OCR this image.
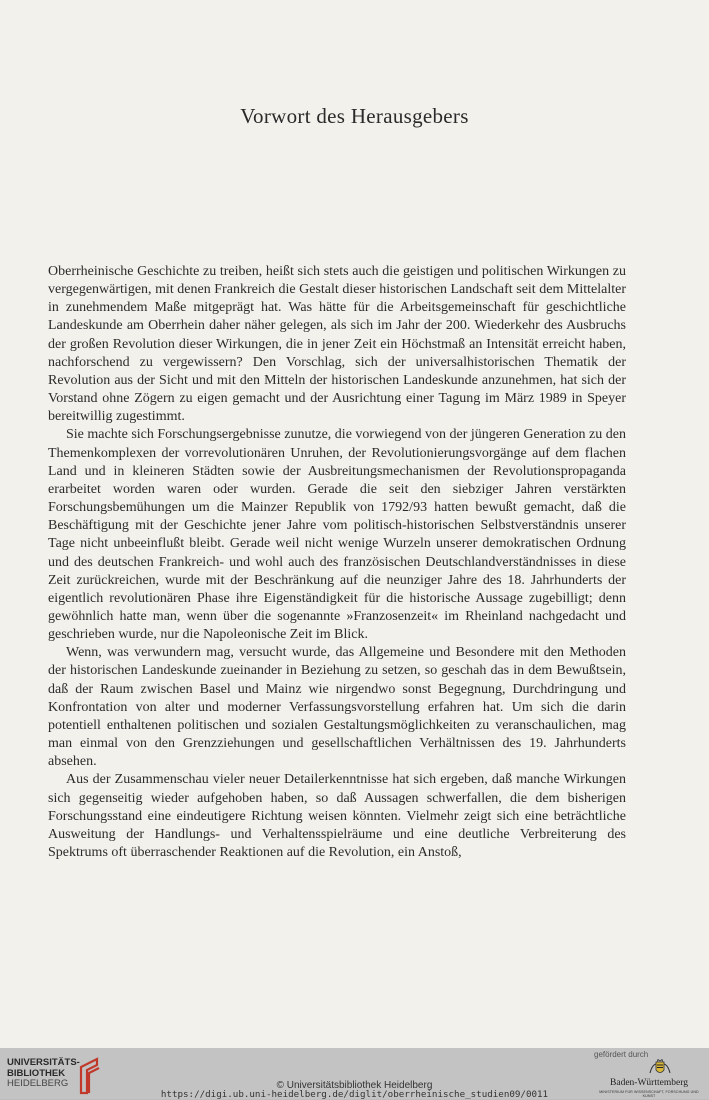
Vorwort des Herausgebers

Oberrheinische Geschichte zu treiben, heißt sich stets auch die geistigen und politischen Wirkungen zu vergegenwärtigen, mit denen Frankreich die Gestalt dieser historischen Landschaft seit dem Mittelalter in zunehmendem Maße mitgeprägt hat. Was hätte für die Arbeitsgemeinschaft für geschichtliche Landeskunde am Oberrhein daher näher gelegen, als sich im Jahr der 200. Wiederkehr des Ausbruchs der großen Revolution dieser Wirkungen, die in jener Zeit ein Höchstmaß an Intensität erreicht haben, nachforschend zu vergewissern? Den Vorschlag, sich der universalhistorischen Thematik der Revolution aus der Sicht und mit den Mitteln der historischen Landeskunde anzunehmen, hat sich der Vorstand ohne Zögern zu eigen gemacht und der Ausrichtung einer Tagung im März 1989 in Speyer bereitwillig zugestimmt.

Sie machte sich Forschungsergebnisse zunutze, die vorwiegend von der jüngeren Generation zu den Themenkomplexen der vorrevolutionären Unruhen, der Revolutionierungsvorgänge auf dem flachen Land und in kleineren Städten sowie der Ausbreitungsmechanismen der Revolutionspropaganda erarbeitet worden waren oder wurden. Gerade die seit den siebziger Jahren verstärkten Forschungsbemühungen um die Mainzer Republik von 1792/93 hatten bewußt gemacht, daß die Beschäftigung mit der Geschichte jener Jahre vom politisch-historischen Selbstverständnis unserer Tage nicht unbeeinflußt bleibt. Gerade weil nicht wenige Wurzeln unserer demokratischen Ordnung und des deutschen Frankreich- und wohl auch des französischen Deutschlandverständnisses in diese Zeit zurückreichen, wurde mit der Beschränkung auf die neunziger Jahre des 18. Jahrhunderts der eigentlich revolutionären Phase ihre Eigenständigkeit für die historische Aussage zugebilligt; denn gewöhnlich hatte man, wenn über die sogenannte »Franzosenzeit« im Rheinland nachgedacht und geschrieben wurde, nur die Napoleonische Zeit im Blick.

Wenn, was verwundern mag, versucht wurde, das Allgemeine und Besondere mit den Methoden der historischen Landeskunde zueinander in Beziehung zu setzen, so geschah das in dem Bewußtsein, daß der Raum zwischen Basel und Mainz wie nirgendwo sonst Begegnung, Durchdringung und Konfrontation von alter und moderner Verfassungsvorstellung erfahren hat. Um sich die darin potentiell enthaltenen politischen und sozialen Gestaltungsmöglichkeiten zu veranschaulichen, mag man einmal von den Grenzziehungen und gesellschaftlichen Verhältnissen des 19. Jahrhunderts absehen.

Aus der Zusammenschau vieler neuer Detailerkenntnisse hat sich ergeben, daß manche Wirkungen sich gegenseitig wieder aufgehoben haben, so daß Aussagen schwerfallen, die dem bisherigen Forschungsstand eine eindeutigere Richtung weisen könnten. Vielmehr zeigt sich eine beträchtliche Ausweitung der Handlungs- und Verhaltensspielräume und eine deutliche Verbreiterung des Spektrums oft überraschender Reaktionen auf die Revolution, ein Anstoß,

UNIVERSITÄTS-
BIBLIOTHEK
HEIDELBERG	© Universitätsbibliothek Heidelberg
https://digi.ub.uni-heidelberg.de/diglit/oberrheinische_studien09/0011
gefördert durch
Baden-Württemberg
MINISTERIUM FÜR WISSENSCHAFT, FORSCHUNG UND KUNST
